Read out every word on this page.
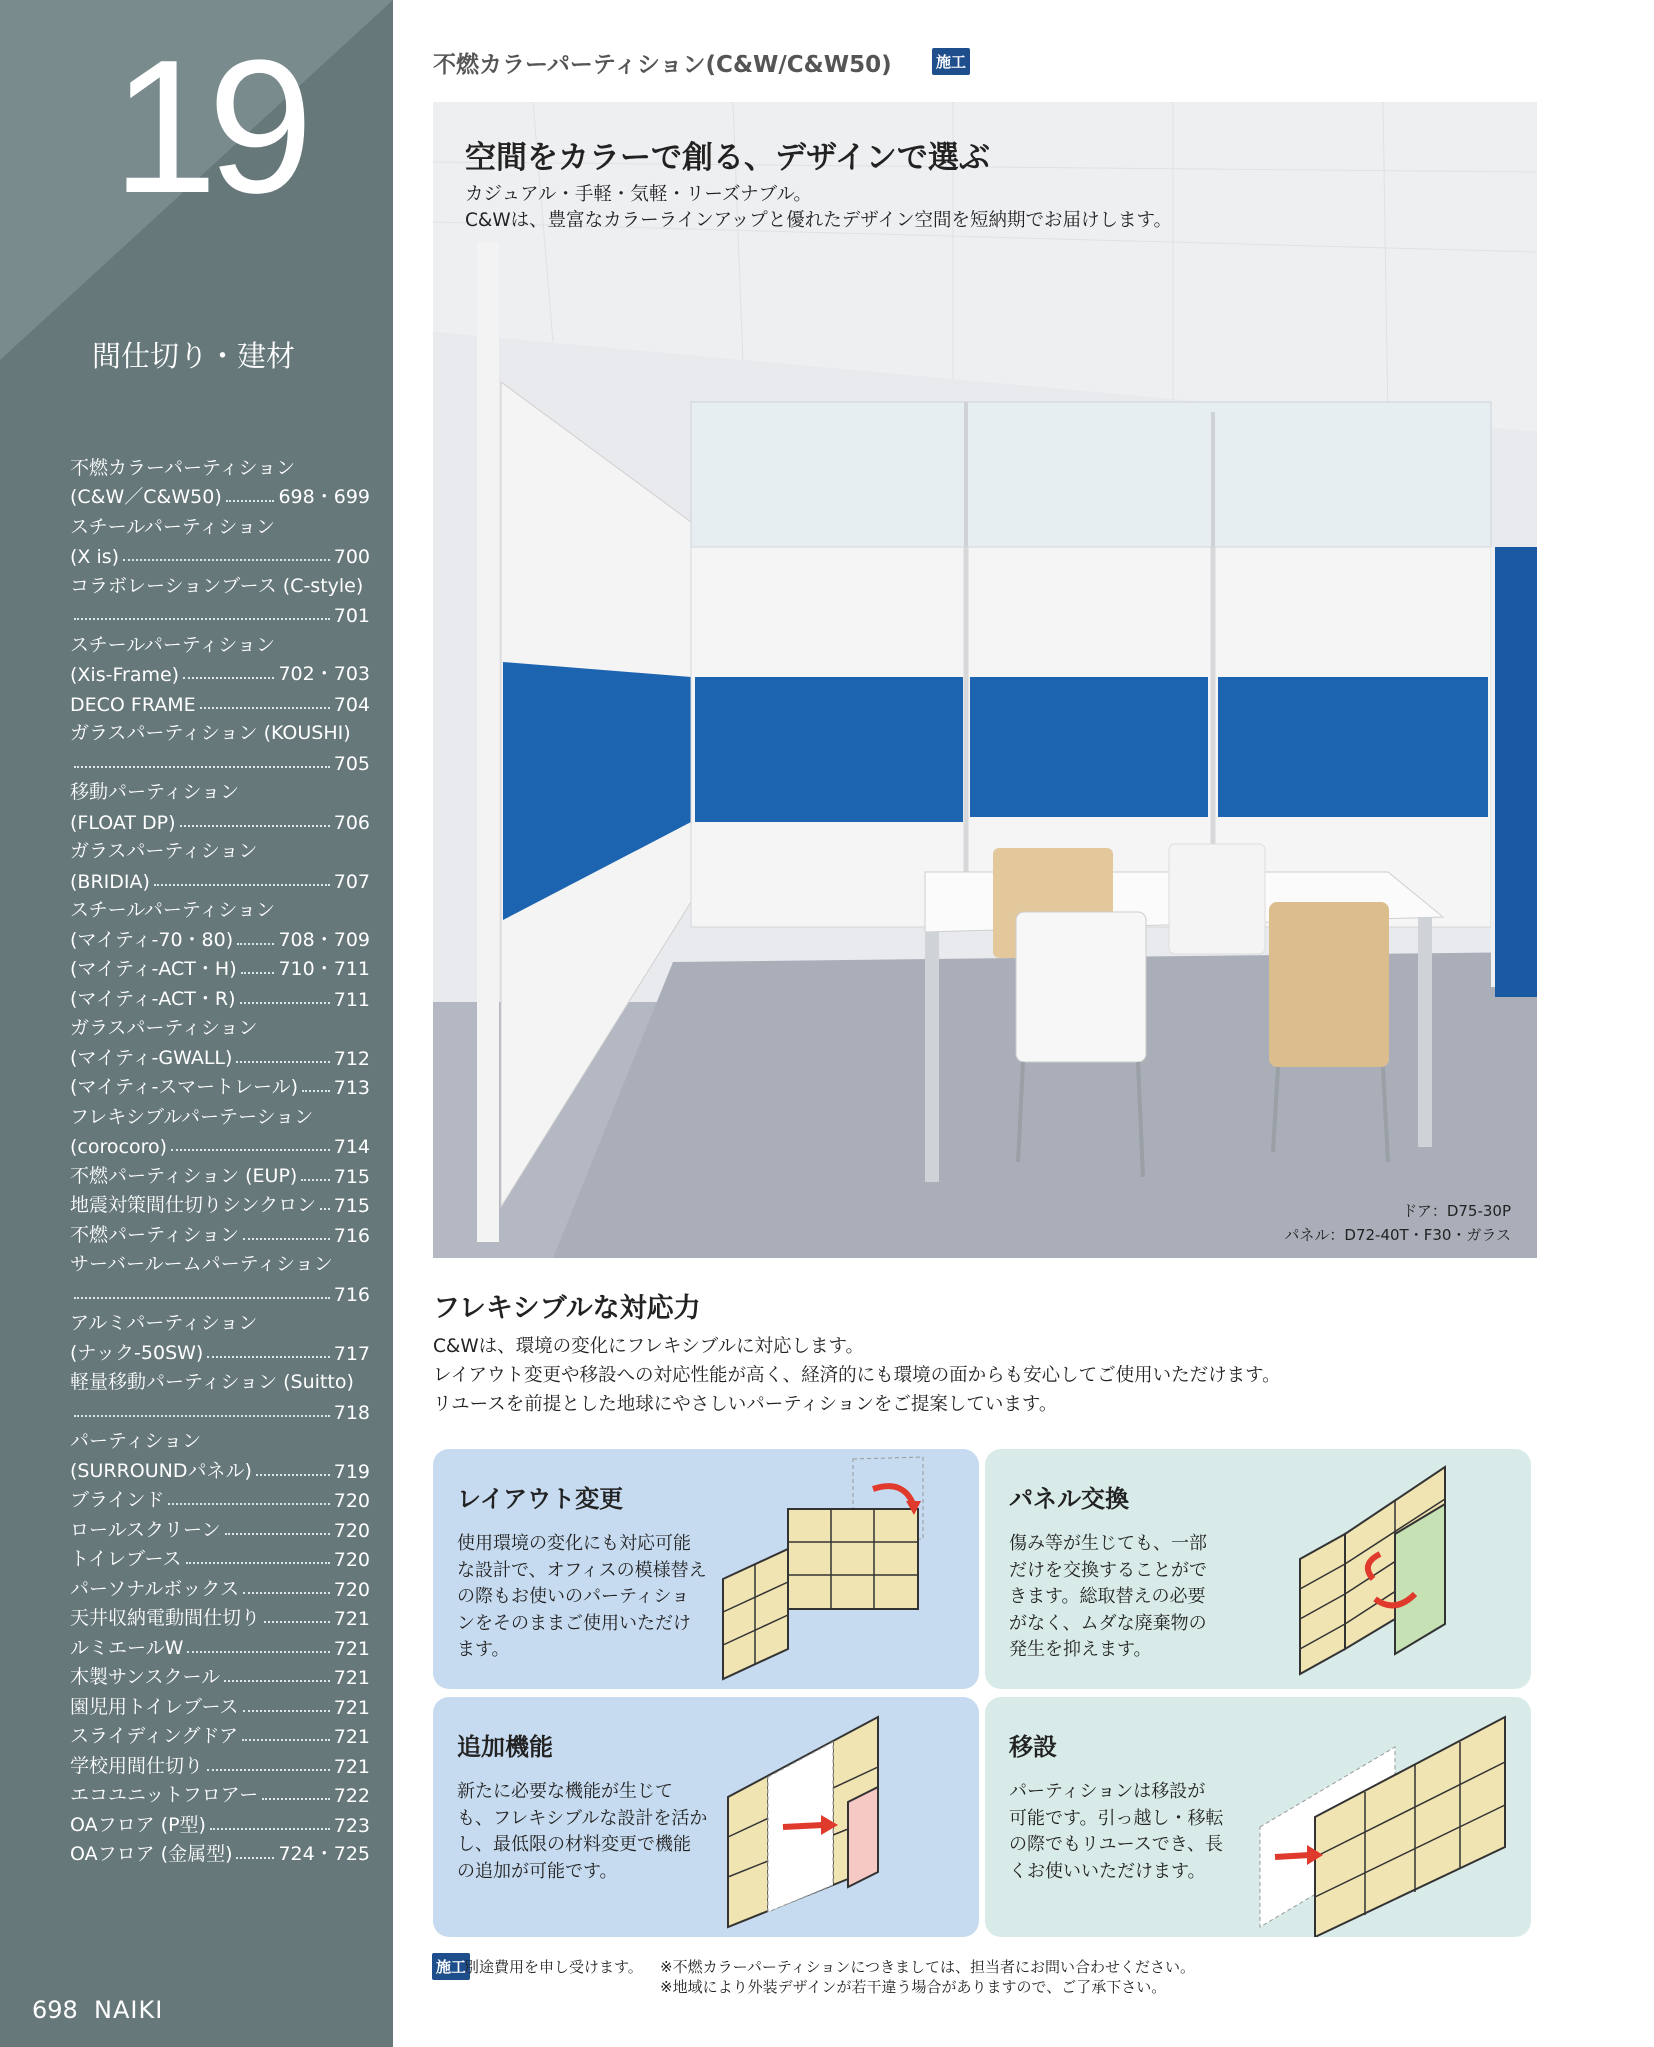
19
間仕切り・建材
不燃カラーパーティション
(C&W／C&W50)	698・699
スチールパーティション
(X is)	700
コラボレーションブース (C-style)
701
スチールパーティション
(Xis-Frame)	702・703
DECO FRAME	704
ガラスパーティション (KOUSHI)
705
移動パーティション
(FLOAT DP)	706
ガラスパーティション
(BRIDIA)	707
スチールパーティション
(マイティ-70・80) 708・709
(マイティ-ACT・H) 710・711
(マイティ-ACT・R)	711
ガラスパーティション
(マイティ-GWALL)	712
(マイティ-スマートレール) 713
フレキシブルパーテーション
(corocoro)	714
不燃パーティション (EUP) 715
地震対策間仕切りシンクロン 715
不燃パーティション	716
サーバールームパーティション
716
アルミパーティション
(ナック-50SW)	717
軽量移動パーティション (Suitto)
718
パーティション
(SURROUNDパネル)	719
ブラインド	720
ロールスクリーン	720
トイレブース	720
パーソナルボックス	720
天井収納電動間仕切り	721
ルミエールW	721
木製サンスクール	721
園児用トイレブース	721
スライディングドア	721
学校用間仕切り	721
エコユニットフロアー	722
OAフロア (P型)	723
OAフロア (金属型) 724・725
698 NAIKI
不燃カラーパーティション(C&W/C&W50)	施工
空間をカラーで創る、デザインで選ぶ
カジュアル・手軽・気軽・リーズナブル。
C&Wは、豊富なカラーラインアップと優れたデザイン空間を短納期でお届けします。
ドア：D75-30P
パネル：D72-40T・F30・ガラス
フレキシブルな対応力
C&Wは、環境の変化にフレキシブルに対応します。
レイアウト変更や移設への対応性能が高く、経済的にも環境の面からも安心してご使用いただけます。
リユースを前提とした地球にやさしいパーティションをご提案しています。
レイアウト変更
使用環境の変化にも対応可能
な設計で、オフィスの模様替え
の際もお使いのパーティショ
ンをそのままご使用いただけ
ます。
パネル交換
傷み等が生じても、一部
だけを交換することがで
きます。総取替えの必要
がなく、ムダな廃棄物の
発生を抑えます。
追加機能
新たに必要な機能が生じて
も、フレキシブルな設計を活か
し、最低限の材料変更で機能
の追加が可能です。
移設
パーティションは移設が
可能です。引っ越し・移転
の際でもリユースでき、長
くお使いいただけます。
施工
別途費用を申し受けます。 ※不燃カラーパーティションにつきましては、担当者にお問い合わせください。
※地域により外装デザインが若干違う場合がありますので、ご了承下さい。
